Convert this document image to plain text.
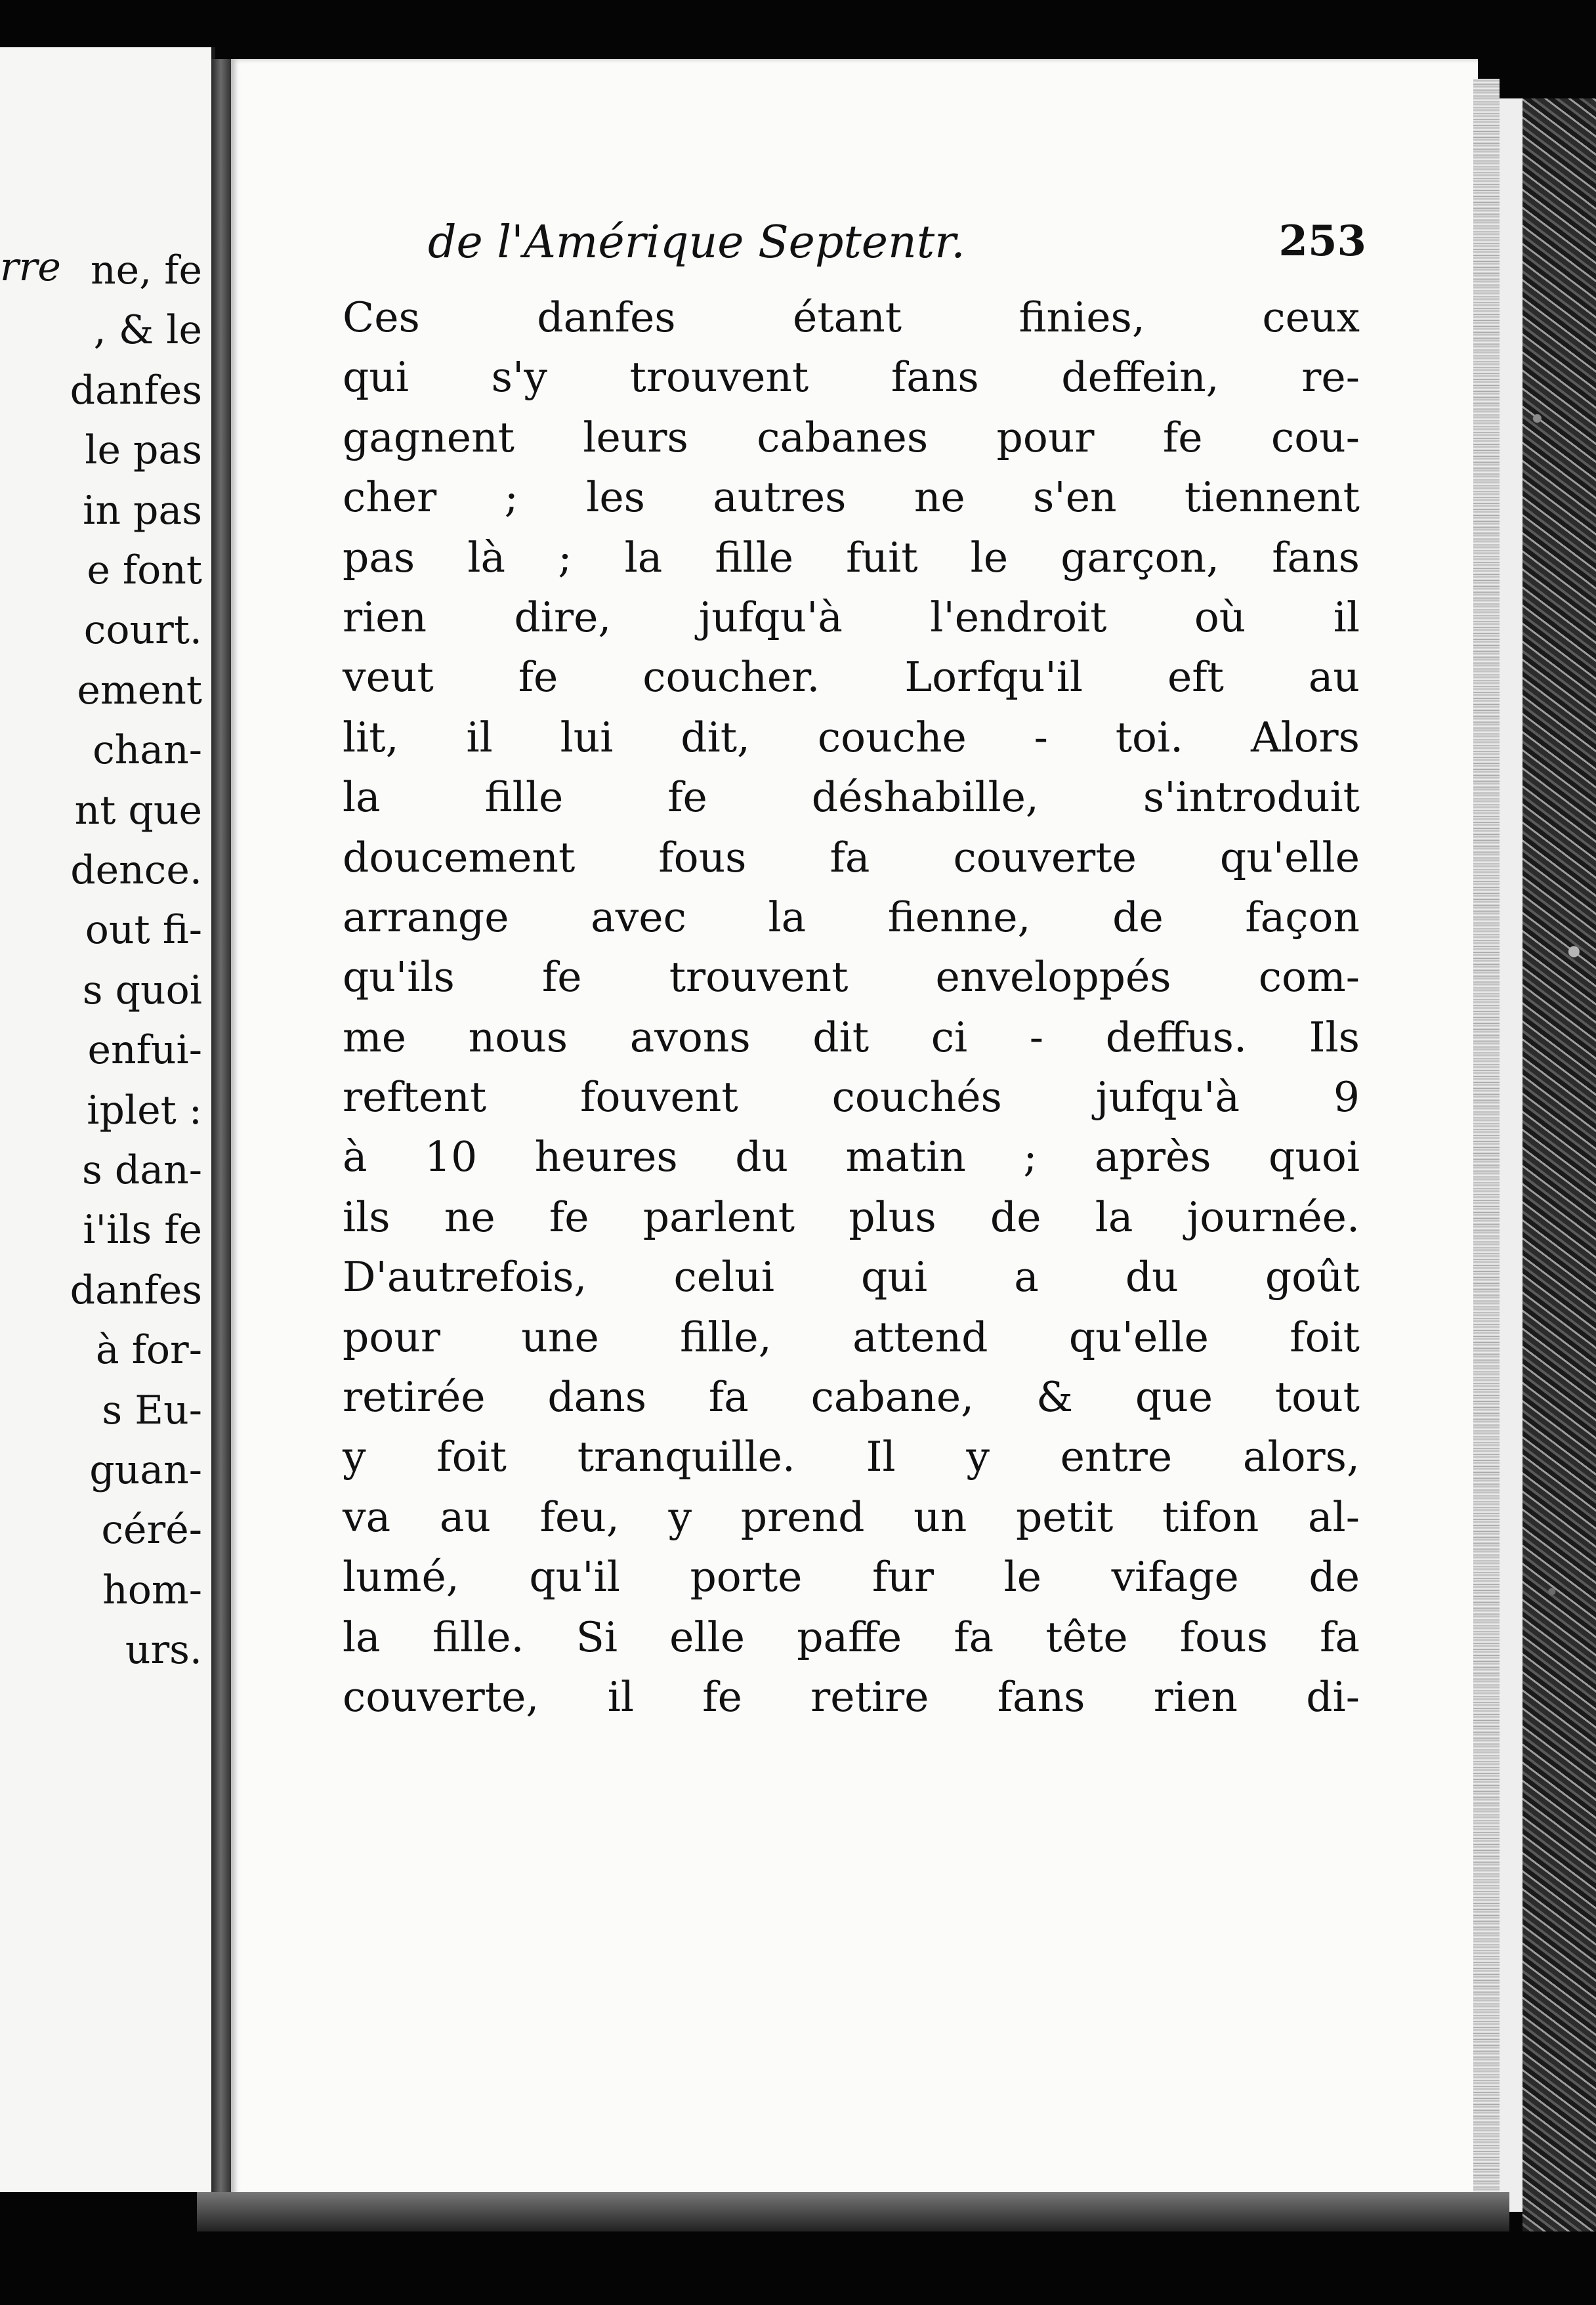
rre ne, fe
, & le
danfes
le pas
in pas
e font
court.
ement
chan-
nt que
dence.
out fi-
s quoi
enfui-
iplet :
s dan-
i'ils fe
danfes
à for-
s Eu-
guan-
céré-
hom-
urs.
de l'Amérique Septentr.	253
Ces danfes étant finies, ceux
qui s'y trouvent fans deffein, re-
gagnent leurs cabanes pour fe cou-
cher ; les autres ne s'en tiennent
pas là ; la fille fuit le garçon, fans
rien dire, jufqu'à l'endroit où il
veut fe coucher. Lorfqu'il eft au
lit, il lui dit, couche - toi. Alors
la fille fe déshabille, s'introduit
doucement fous fa couverte qu'elle
arrange avec la fienne, de façon
qu'ils fe trouvent enveloppés com-
me nous avons dit ci - deffus. Ils
reftent fouvent couchés jufqu'à 9
à 10 heures du matin ; après quoi
ils ne fe parlent plus de la journée.
D'autrefois, celui qui a du goût
pour une fille, attend qu'elle foit
retirée dans fa cabane, & que tout
y foit tranquille. Il y entre alors,
va au feu, y prend un petit tifon al-
lumé, qu'il porte fur le vifage de
la fille. Si elle paffe fa tête fous fa
couverte, il fe retire fans rien di-
